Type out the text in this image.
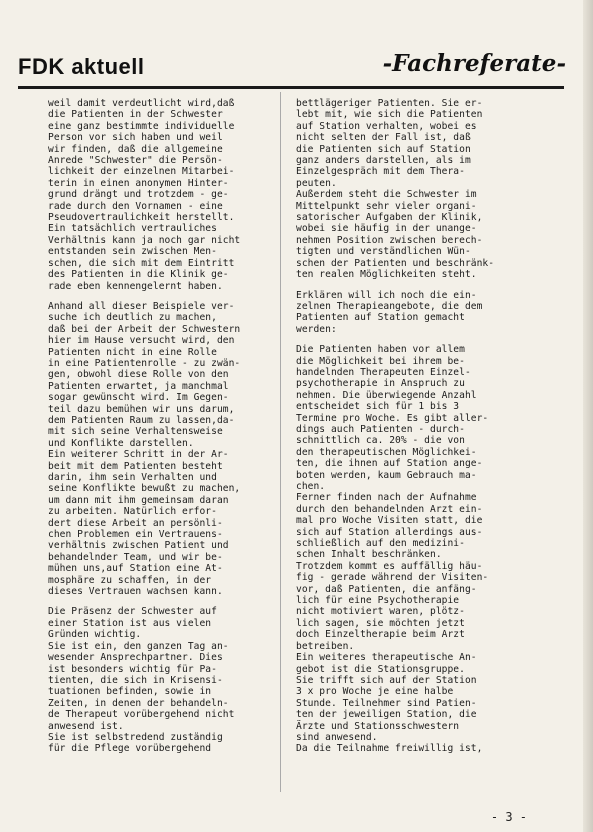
FDK aktuell	-Fachreferate-

weil damit verdeutlicht wird,daß
die Patienten in der Schwester
eine ganz bestimmte individuelle
Person vor sich haben und weil
wir finden, daß die allgemeine
Anrede "Schwester" die Persön-
lichkeit der einzelnen Mitarbei-
terin in einen anonymen Hinter-
grund drängt und trotzdem - ge-
rade durch den Vornamen - eine
Pseudovertraulichkeit herstellt.
Ein tatsächlich vertrauliches
Verhältnis kann ja noch gar nicht
entstanden sein zwischen Men-
schen, die sich mit dem Eintritt
des Patienten in die Klinik ge-
rade eben kennengelernt haben.

Anhand all dieser Beispiele ver-
suche ich deutlich zu machen,
daß bei der Arbeit der Schwestern
hier im Hause versucht wird, den
Patienten nicht in eine Rolle
in eine Patientenrolle - zu zwän-
gen, obwohl diese Rolle von den
Patienten erwartet, ja manchmal
sogar gewünscht wird. Im Gegen-
teil dazu bemühen wir uns darum,
dem Patienten Raum zu lassen,da-
mit sich seine Verhaltensweise
und Konflikte darstellen.
Ein weiterer Schritt in der Ar-
beit mit dem Patienten besteht
darin, ihm sein Verhalten und
seine Konflikte bewußt zu machen,
um dann mit ihm gemeinsam daran
zu arbeiten. Natürlich erfor-
dert diese Arbeit an persönli-
chen Problemen ein Vertrauens-
verhältnis zwischen Patient und
behandelnder Team, und wir be-
mühen uns,auf Station eine At-
mosphäre zu schaffen, in der
dieses Vertrauen wachsen kann.

Die Präsenz der Schwester auf
einer Station ist aus vielen
Gründen wichtig.
Sie ist ein, den ganzen Tag an-
wesender Ansprechpartner. Dies
ist besonders wichtig für Pa-
tienten, die sich in Krisensi-
tuationen befinden, sowie in
Zeiten, in denen der behandeln-
de Therapeut vorübergehend nicht
anwesend ist.
Sie ist selbstredend zuständig
für die Pflege vorübergehend

bettlägeriger Patienten. Sie er-
lebt mit, wie sich die Patienten
auf Station verhalten, wobei es
nicht selten der Fall ist, daß
die Patienten sich auf Station
ganz anders darstellen, als im
Einzelgespräch mit dem Thera-
peuten.
Außerdem steht die Schwester im
Mittelpunkt sehr vieler organi-
satorischer Aufgaben der Klinik,
wobei sie häufig in der unange-
nehmen Position zwischen berech-
tigten und verständlichen Wün-
schen der Patienten und beschränk-
ten realen Möglichkeiten steht.

Erklären will ich noch die ein-
zelnen Therapieangebote, die dem
Patienten auf Station gemacht
werden:

Die Patienten haben vor allem
die Möglichkeit bei ihrem be-
handelnden Therapeuten Einzel-
psychotherapie in Anspruch zu
nehmen. Die überwiegende Anzahl
entscheidet sich für 1 bis 3
Termine pro Woche. Es gibt aller-
dings auch Patienten - durch-
schnittlich ca. 20% - die von
den therapeutischen Möglichkei-
ten, die ihnen auf Station ange-
boten werden, kaum Gebrauch ma-
chen.
Ferner finden nach der Aufnahme
durch den behandelnden Arzt ein-
mal pro Woche Visiten statt, die
sich auf Station allerdings aus-
schließlich auf den medizini-
schen Inhalt beschränken.
Trotzdem kommt es auffällig häu-
fig - gerade während der Visiten-
vor, daß Patienten, die anfäng-
lich für eine Psychotherapie
nicht motiviert waren, plötz-
lich sagen, sie möchten jetzt
doch Einzeltherapie beim Arzt
betreiben.
Ein weiteres therapeutische An-
gebot ist die Stationsgruppe.
Sie trifft sich auf der Station
3 x pro Woche je eine halbe
Stunde. Teilnehmer sind Patien-
ten der jeweiligen Station, die
Ärzte und Stationsschwestern
sind anwesend.
Da die Teilnahme freiwillig ist,

- 3 -
